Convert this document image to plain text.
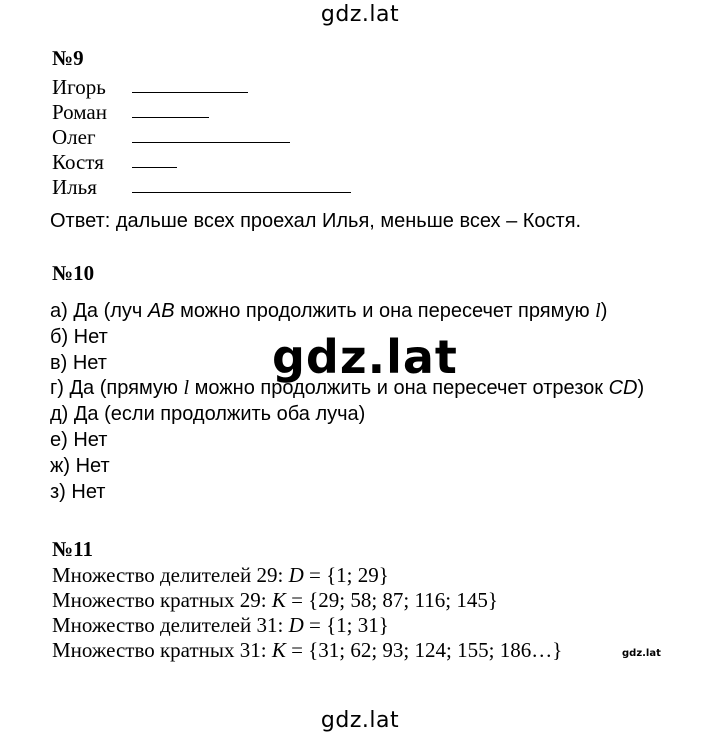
gdz.lat
gdz.lat
gdz.lat
gdz.lat
№9
Игорь
Роман
Олег
Костя
Илья
Ответ: дальше всех проехал Илья, меньше всех – Костя.
№10
а) Да (луч AB можно продолжить и она пересечет прямую l)
б) Нет
в) Нет
г) Да (прямую l можно продолжить и она пересечет отрезок CD)
д) Да (если продолжить оба луча)
е) Нет
ж) Нет
з) Нет
№11
Множество делителей 29: D = {1; 29}
Множество кратных 29: K = {29; 58; 87; 116; 145}
Множество делителей 31: D = {1; 31}
Множество кратных 31: K = {31; 62; 93; 124; 155; 186…}
